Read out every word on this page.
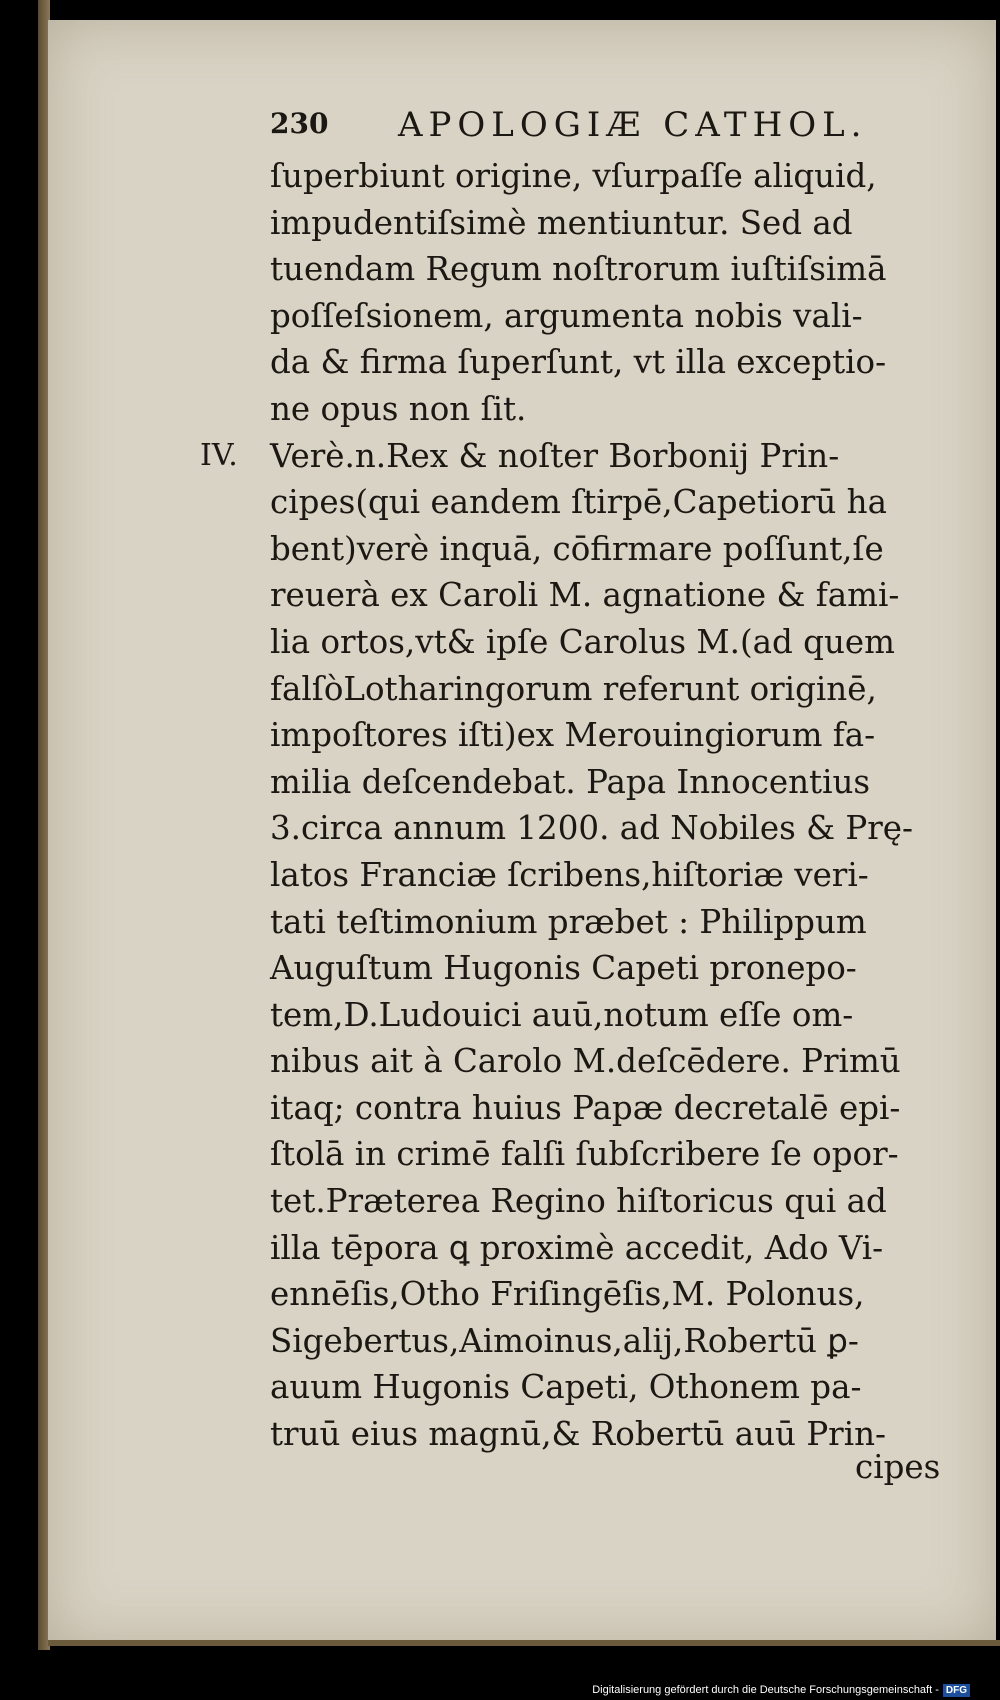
230 APOLOGIÆ CATHOL.
IV.
ſuperbiunt origine, vſurpaſſe aliquid,
impudentiſsimè mentiuntur. Sed ad
tuendam Regum noſtrorum iuſtiſsimā
poſſeſsionem, argumenta nobis vali-
da & firma ſuperſunt, vt illa exceptio-
ne opus non ſit.
Verè.n.Rex & noſter Borbonij Prin-
cipes(qui eandem ſtirpē,Capetiorū ha
bent)verè inquā, cōfirmare poſſunt,ſe
reuerà ex Caroli M. agnatione & fami-
lia ortos,vt& ipſe Carolus M.(ad quem
falſòLotharingorum referunt originē,
impoſtores iſti)ex Merouingiorum fa-
milia deſcendebat. Papa Innocentius
3.circa annum 1200. ad Nobiles & Prę-
latos Franciæ ſcribens,hiſtoriæ veri-
tati teſtimonium præbet : Philippum
Auguſtum Hugonis Capeti pronepo-
tem,D.Ludouici auū,notum eſſe om-
nibus ait à Carolo M.deſcēdere. Primū
itaq; contra huius Papæ decretalē epi-
ſtolā in crimē falſi ſubſcribere ſe opor-
tet.Præterea Regino hiſtoricus qui ad
illa tēpora ꝗ proximè accedit, Ado Vi-
ennēſis,Otho Friſingēſis,M. Polonus,
Sigebertus,Aimoinus,alij,Robertū ꝑ-
auum Hugonis Capeti, Othonem pa-
truū eius magnū,& Robertū auū Prin-
cipes
Digitalisierung gefördert durch die Deutsche Forschungsgemeinschaft - DFG
